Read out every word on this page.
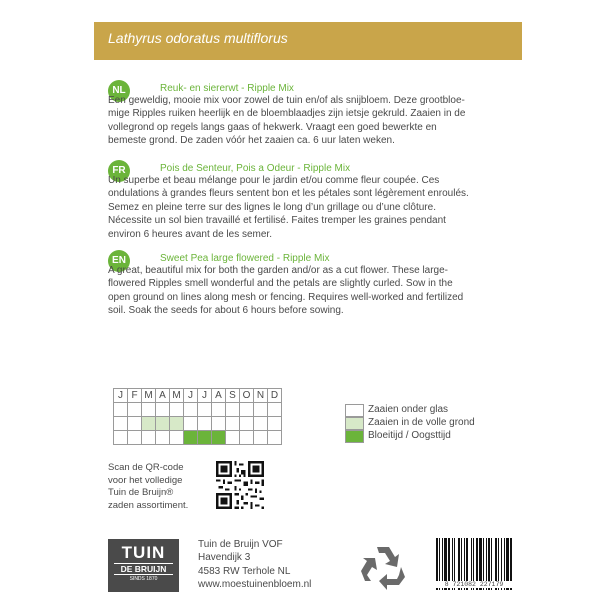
Lathyrus odoratus multiflorus
NL	Reuk- en siererwt - Ripple Mix
Een geweldig, mooie mix voor zowel de tuin en/of als snijbloem. Deze grootbloe-
mige Ripples ruiken heerlijk en de bloemblaadjes zijn ietsje gekruld. Zaaien in de
vollegrond op regels langs gaas of hekwerk. Vraagt een goed bewerkte en
bemeste grond. De zaden vóór het zaaien ca. 6 uur laten weken.
FR	Pois de Senteur, Pois a Odeur - Ripple Mix
Un superbe et beau mélange pour le jardin et/ou comme fleur coupée. Ces
ondulations à grandes fleurs sentent bon et les pétales sont légèrement enroulés.
Semez en pleine terre sur des lignes le long d’un grillage ou d’une clôture.
Nécessite un sol bien travaillé et fertilisé. Faites tremper les graines pendant
environ 6 heures avant de les semer.
EN	Sweet Pea large flowered - Ripple Mix
A great, beautiful mix for both the garden and/or as a cut flower. These large-
flowered Ripples smell wonderful and the petals are slightly curled. Sow in the
open ground on lines along mesh or fencing. Requires well-worked and fertilized
soil. Soak the seeds for about 6 hours before sowing.
J	F	M	A	M	J	J	A	S	O	N	D

Zaaien onder glas
Zaaien in de volle grond
Bloeitijd / Oogsttijd
Scan de QR-code
voor het volledige
Tuin de Bruijn®
zaden assortiment.
TUIN
DE BRUIJN
SINDS 1870
Tuin de Bruijn VOF
Havendijk 3
4583 RW Terhole NL
www.moestuinenbloem.nl	8 721082 227179
